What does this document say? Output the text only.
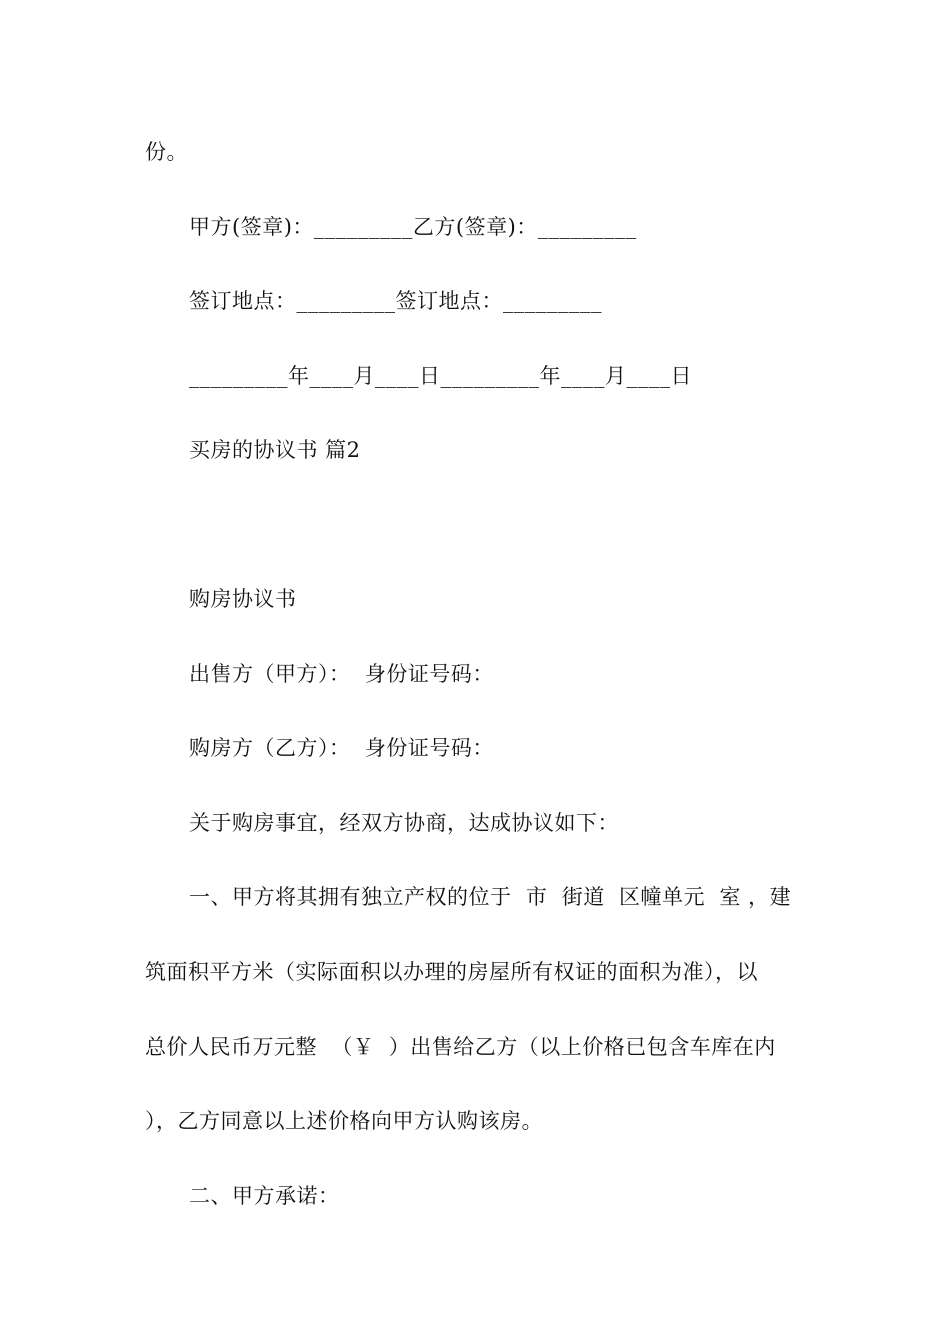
份。
甲方(签章)：_________乙方(签章)：_________
签订地点：_________签订地点：_________
_________年____月____日_________年____月____日
买房的协议书 篇2
购房协议书
出售方（甲方）：  身份证号码：
购房方（乙方）：  身份证号码：
关于购房事宜，经双方协商，达成协议如下：
一、甲方将其拥有独立产权的位于  市  街道  区幢单元  室 ，建
筑面积平方米（实际面积以办理的房屋所有权证的面积为准），以
总价人民币万元整  （￥  ）出售给乙方（以上价格已包含车库在内
），乙方同意以上述价格向甲方认购该房。
二、甲方承诺：
